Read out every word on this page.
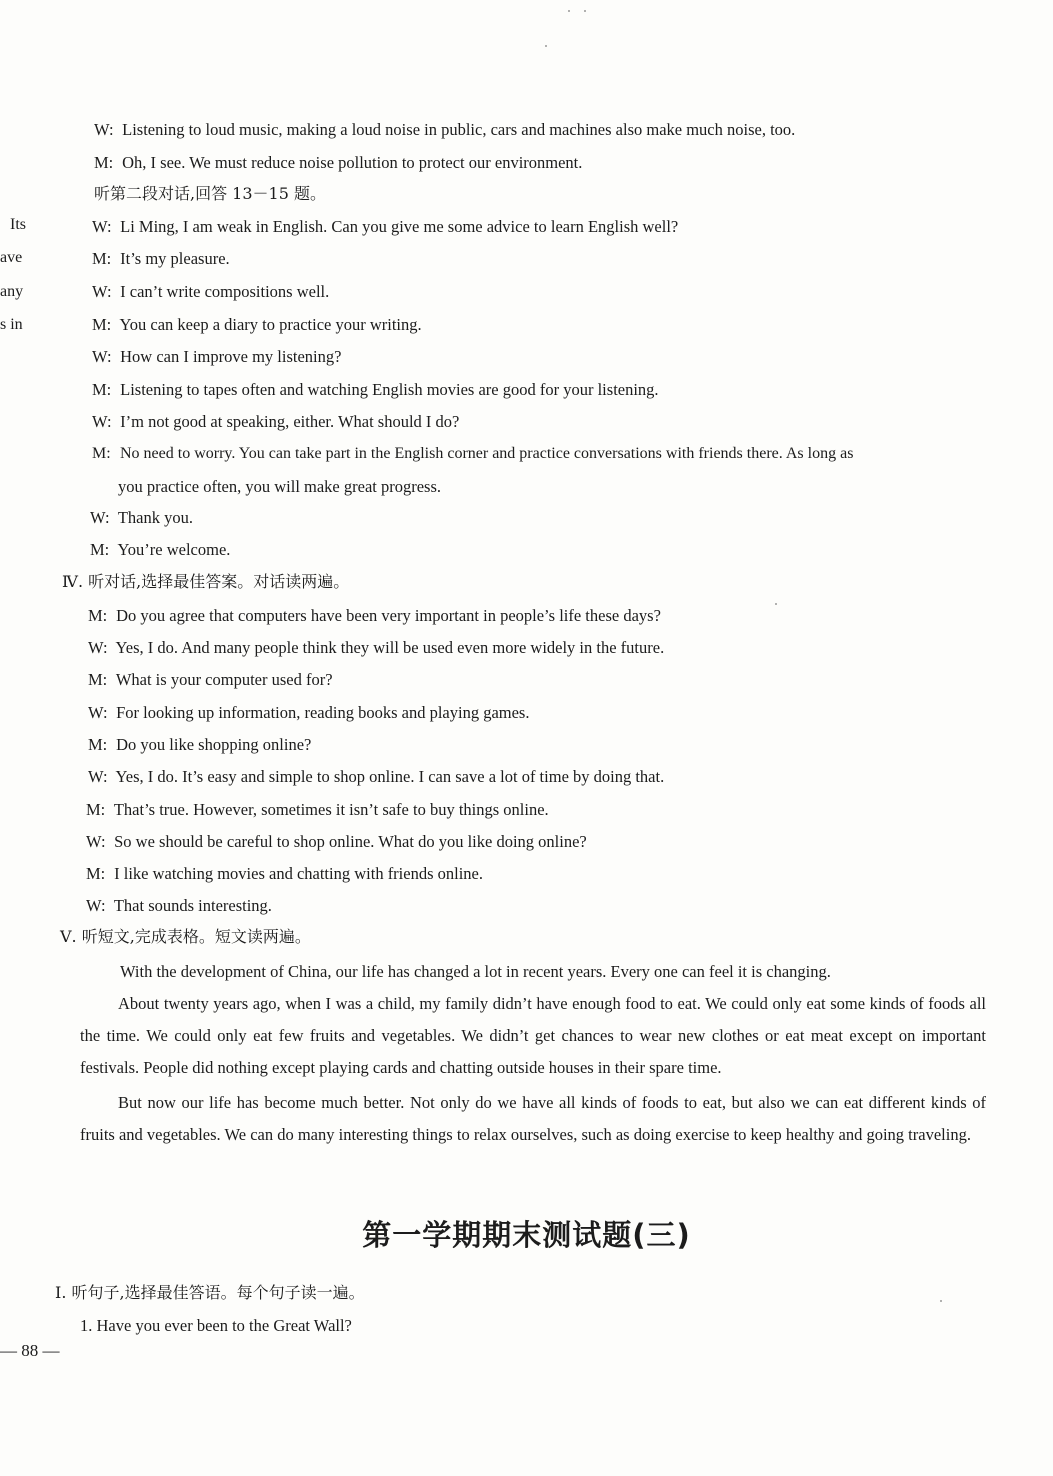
Its
ave
any
s in
W: Listening to loud music, making a loud noise in public, cars and machines also make much noise, too.
M: Oh, I see. We must reduce noise pollution to protect our environment.
听第二段对话,回答 13－15 题。
W: Li Ming, I am weak in English. Can you give me some advice to learn English well?
M: It’s my pleasure.
W: I can’t write compositions well.
M: You can keep a diary to practice your writing.
W: How can I improve my listening?
M: Listening to tapes often and watching English movies are good for your listening.
W: I’m not good at speaking, either. What should I do?
M: No need to worry. You can take part in the English corner and practice conversations with friends there. As long as
you practice often, you will make great progress.
W: Thank you.
M: You’re welcome.
Ⅳ. 听对话,选择最佳答案。对话读两遍。
M: Do you agree that computers have been very important in people’s life these days?
W: Yes, I do. And many people think they will be used even more widely in the future.
M: What is your computer used for?
W: For looking up information, reading books and playing games.
M: Do you like shopping online?
W: Yes, I do. It’s easy and simple to shop online. I can save a lot of time by doing that.
M: That’s true. However, sometimes it isn’t safe to buy things online.
W: So we should be careful to shop online. What do you like doing online?
M: I like watching movies and chatting with friends online.
W: That sounds interesting.
Ⅴ. 听短文,完成表格。短文读两遍。
With the development of China, our life has changed a lot in recent years. Every one can feel it is changing.
About twenty years ago, when I was a child, my family didn’t have enough food to eat. We could only eat some kinds of foods all the time. We could only eat few fruits and vegetables. We didn’t get chances to wear new clothes or eat meat except on important festivals. People did nothing except playing cards and chatting outside houses in their spare time.
But now our life has become much better. Not only do we have all kinds of foods to eat, but also we can eat different kinds of fruits and vegetables. We can do many interesting things to relax ourselves, such as doing exercise to keep healthy and going traveling.
第一学期期末测试题(三)
Ⅰ. 听句子,选择最佳答语。每个句子读一遍。
1. Have you ever been to the Great Wall?
— 88 —
